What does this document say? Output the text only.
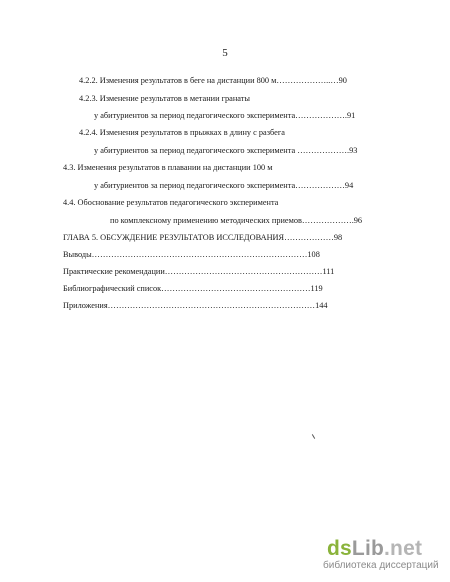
5
4.2.2. Изменения результатов в беге на дистанции 800 м………………..…90
4.2.3. Изменение результатов в метании гранаты
у абитуриентов за период педагогического эксперимента……………….91
4.2.4. Изменения результатов в прыжках в длину с разбега
у абитуриентов за период педагогического эксперимента ……………….93
4.3. Изменения результатов в плавании на дистанции 100 м
у абитуриентов за период педагогического эксперимента………………94
4.4. Обоснование результатов педагогического эксперимента
по комплексному применению методических приемов……………….96
ГЛАВА 5. ОБСУЖДЕНИЕ РЕЗУЛЬТАТОВ ИССЛЕДОВАНИЯ………………98
Выводы……………………………………………………………………108
Практические рекомендации…………………………………………………111
Библиографический список………………………………………………119
Приложения…………………………………………………………………144
dsLib.net
библиотека диссертаций
